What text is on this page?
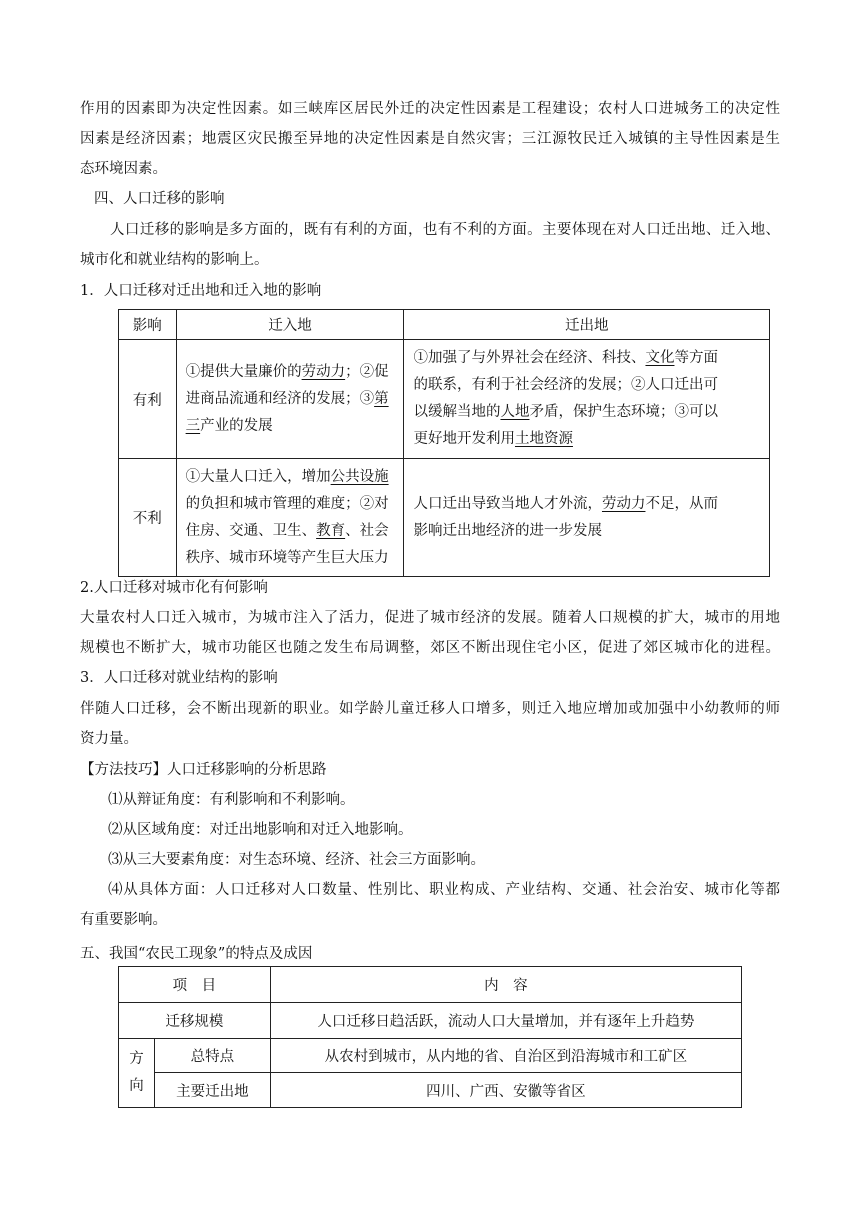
作用的因素即为决定性因素。如三峡库区居民外迁的决定性因素是工程建设；农村人口进城务工的决定性
因素是经济因素；地震区灾民搬至异地的决定性因素是自然灾害；三江源牧民迁入城镇的主导性因素是生
态环境因素。
四、人口迁移的影响
人口迁移的影响是多方面的，既有有利的方面，也有不利的方面。主要体现在对人口迁出地、迁入地、
城市化和就业结构的影响上。
1．人口迁移对迁出地和迁入地的影响
影响	迁入地	迁出地
有利	①提供大量廉价的劳动力；②促
进商品流通和经济的发展；③第
三产业的发展	①加强了与外界社会在经济、科技、文化等方面
的联系，有利于社会经济的发展；②人口迁出可
以缓解当地的人地矛盾，保护生态环境；③可以
更好地开发利用土地资源

不利	①大量人口迁入，增加公共设施
的负担和城市管理的难度；②对
住房、交通、卫生、教育、社会
秩序、城市环境等产生巨大压力	人口迁出导致当地人才外流，劳动力不足，从而
影响迁出地经济的进一步发展
2.人口迁移对城市化有何影响
大量农村人口迁入城市，为城市注入了活力，促进了城市经济的发展。随着人口规模的扩大，城市的用地
规模也不断扩大，城市功能区也随之发生布局调整，郊区不断出现住宅小区，促进了郊区城市化的进程。
3．人口迁移对就业结构的影响
伴随人口迁移，会不断出现新的职业。如学龄儿童迁移人口增多，则迁入地应增加或加强中小幼教师的师
资力量。
【方法技巧】人口迁移影响的分析思路
⑴从辩证角度：有利影响和不利影响。
⑵从区域角度：对迁出地影响和对迁入地影响。
⑶从三大要素角度：对生态环境、经济、社会三方面影响。
⑷从具体方面：人口迁移对人口数量、性别比、职业构成、产业结构、交通、社会治安、城市化等都
有重要影响。
五、我国“农民工现象”的特点及成因
项　目		内　容
迁移规模		人口迁移日趋活跃，流动人口大量增加，并有逐年上升趋势

方
向	总特点	从农村到城市，从内地的省、自治区到沿海城市和工矿区
	主要迁出地	四川、广西、安徽等省区
